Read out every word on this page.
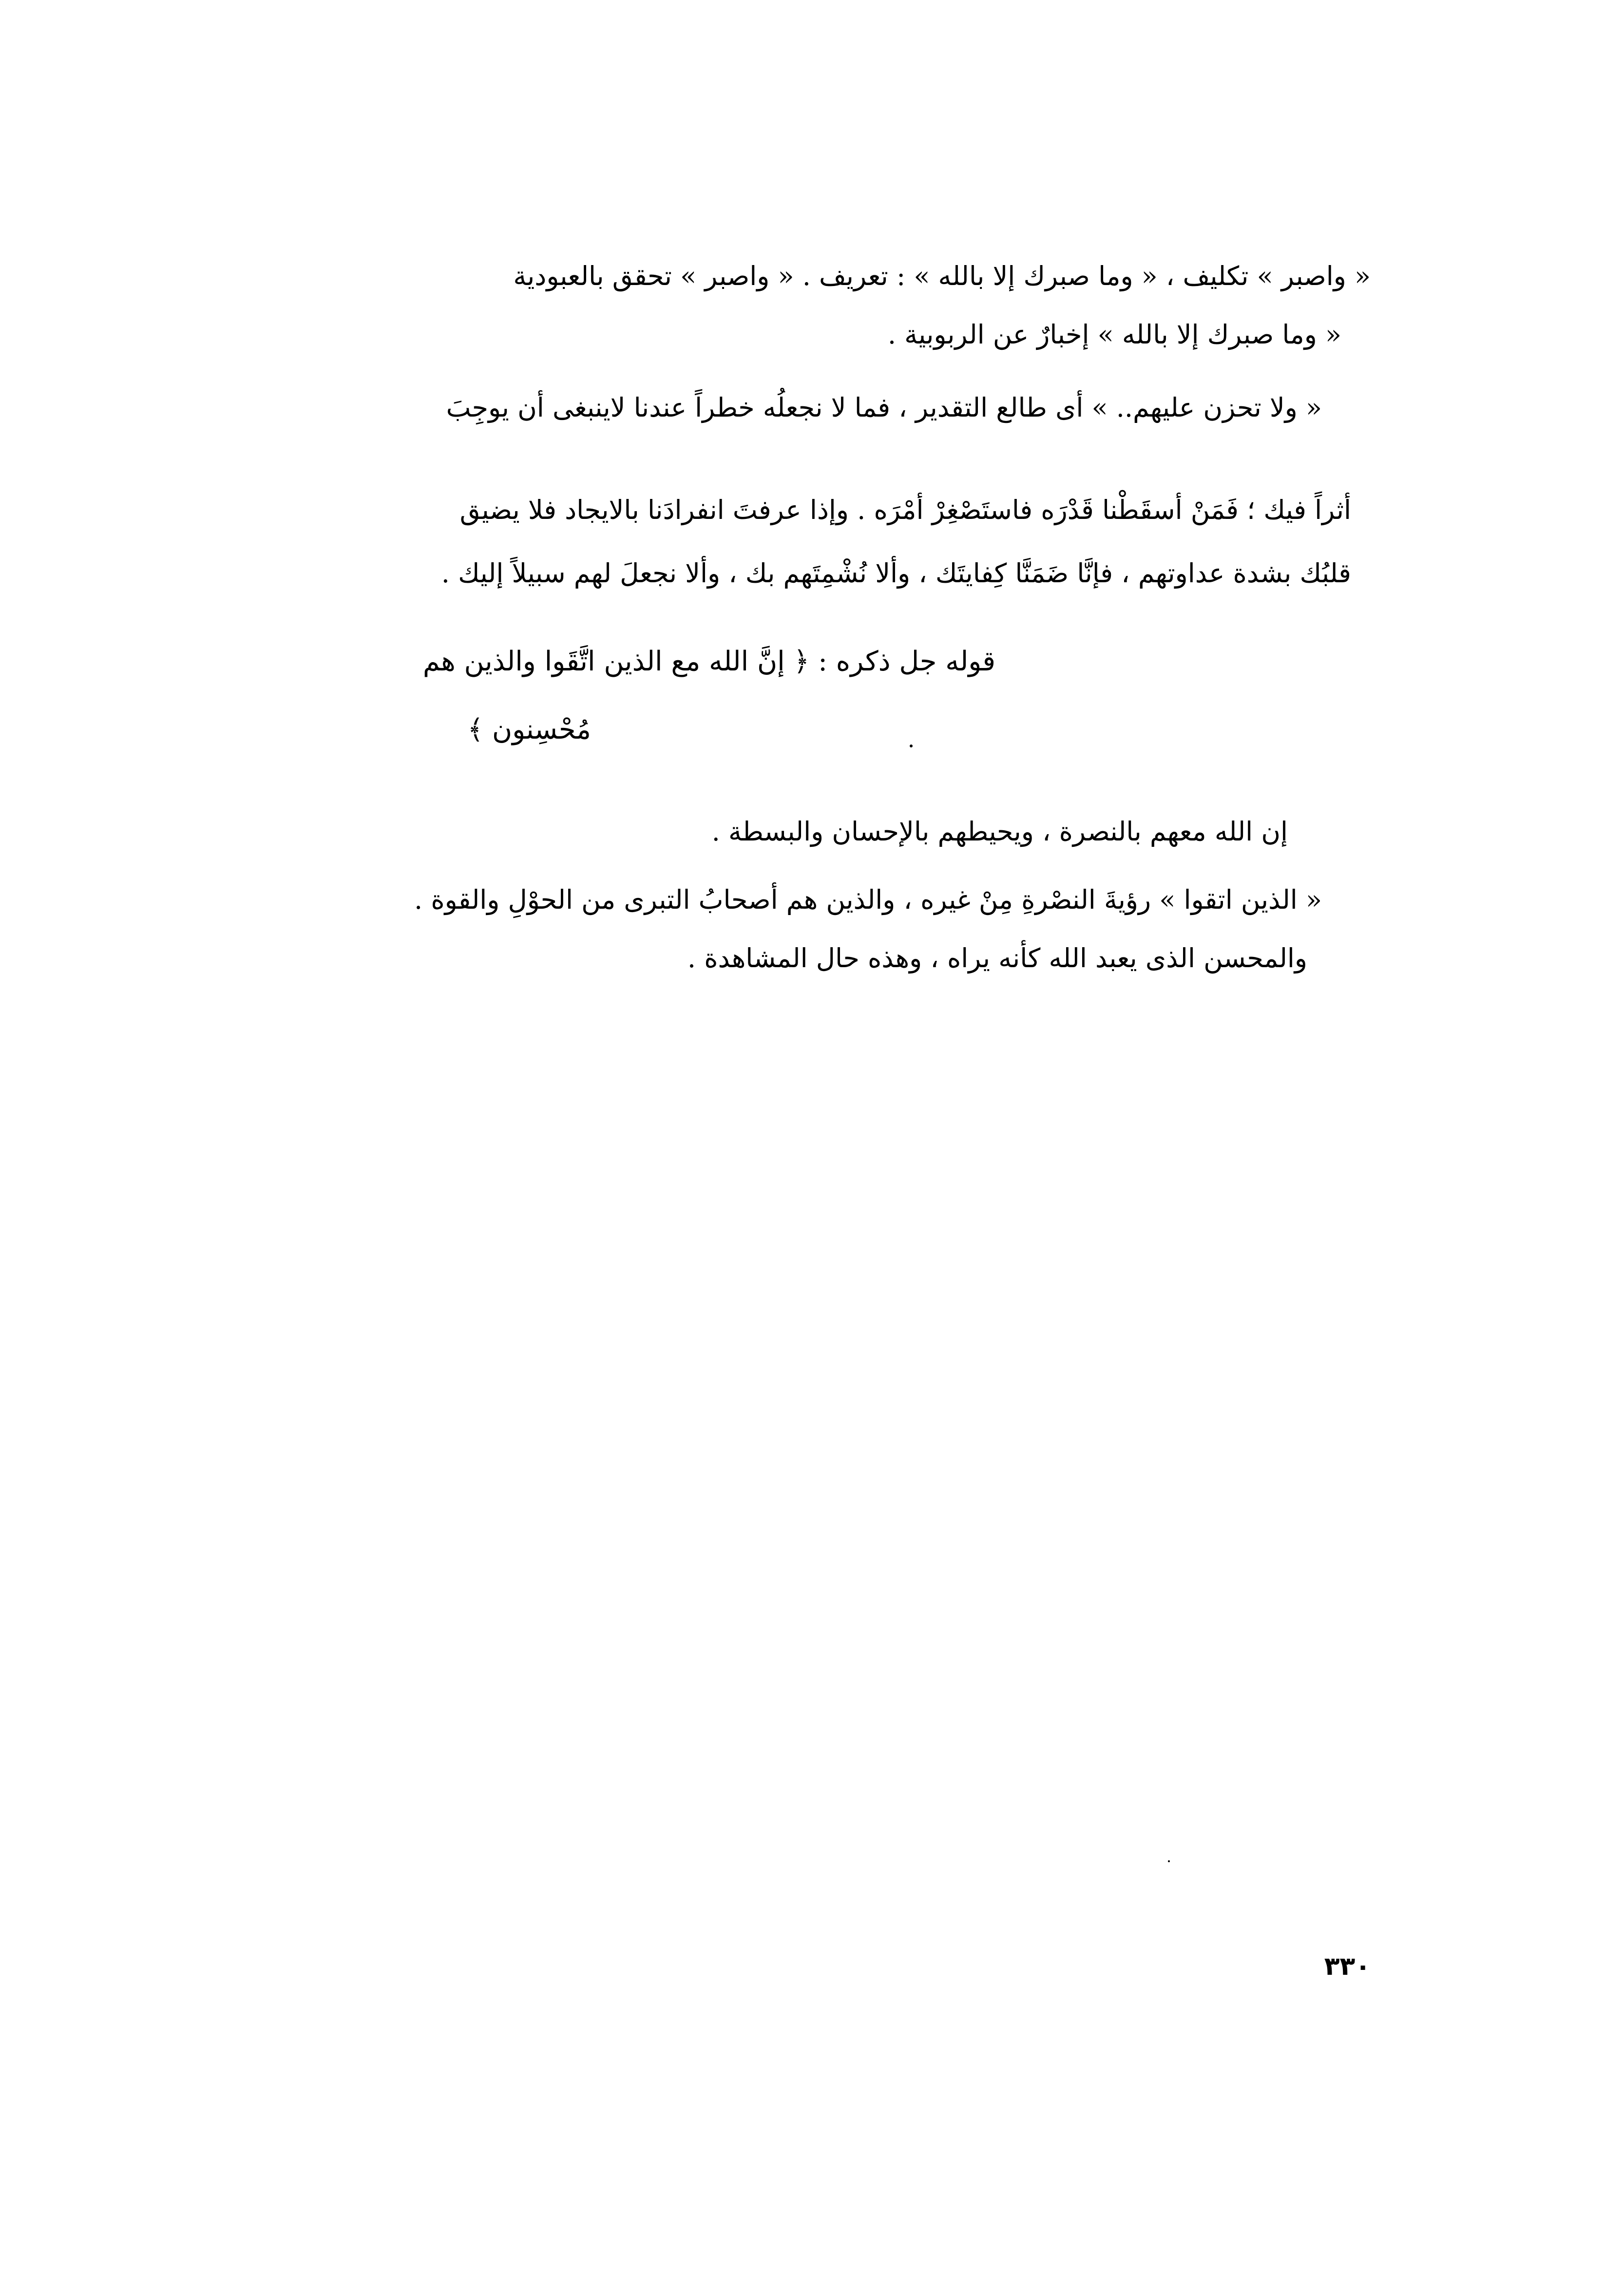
« واصبر » تكليف ، « وما صبرك إلا بالله » : تعريف . « واصبر » تحقق بالعبودية
« وما صبرك إلا بالله » إخبارٌ عن الربوبية .
« ولا تحزن عليهم.. » أى طالع التقدير ، فما لا نجعلُه خطراً عندنا لاينبغى أن يوجِبَ
أثراً فيك ؛ فَمَنْ أسقَطْنا قَدْرَه فاستَصْغِرْ أمْرَه . وإذا عرفتَ انفرادَنا بالايجاد فلا يضيق
قلبُك بشدة عداوتهم ، فإنَّا ضَمَنَّا كِفايتَك ، وألا نُشْمِتَهم بك ، وألا نجعلَ لهم سبيلاً إليك .
قوله جل ذكره : ﴿ إنَّ الله مع الذين اتَّقَوا والذين هم
مُحْسِنون ﴾
إن الله معهم بالنصرة ، ويحيطهم بالإحسان والبسطة .
« الذين اتقوا » رؤيةَ النصْرةِ مِنْ غيره ، والذين هم أصحابُ التبرى من الحوْلِ والقوة .
والمحسن الذى يعبد الله كأنه يراه ، وهذه حال المشاهدة .
٣٣٠
